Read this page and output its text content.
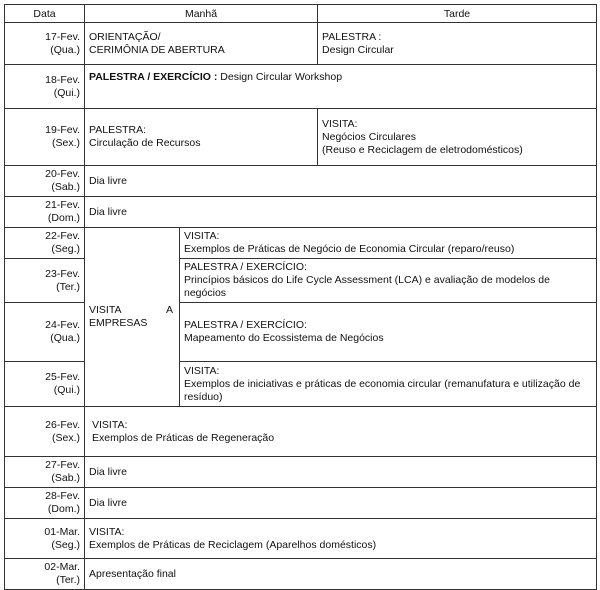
Data	Manhã		Tarde

17-Fev.
(Qua.)	ORIENTAÇÃO/
CERIMÔNIA DE ABERTURA		PALESTRA :
Design Circular

18-Fev.
(Qui.)	PALESTRA / EXERCÍCIO : Design Circular Workshop		

19-Fev.
(Sex.)	PALESTRA:
Circulação de Recursos		VISITA:
Negócios Circulares
(Reuso e Reciclagem de eletrodomésticos)

20-Fev.
(Sab.)	Dia livre		

21-Fev.
(Dom.)	Dia livre		

22-Fev.
(Seg.)	VISITA A
EMPRESAS	VISITA:
Exemplos de Práticas de Negócio de Economia Circular (reparo/reuso)	

23-Fev.
(Ter.)		PALESTRA / EXERCÍCIO:
Princípios básicos do Life Cycle Assessment (LCA) e avaliação de modelos de negócios	

24-Fev.
(Qua.)		PALESTRA / EXERCÍCIO:
Mapeamento do Ecossistema de Negócios	

25-Fev.
(Qui.)		VISITA:
Exemplos de iniciativas e práticas de economia circular (remanufatura e utilização de resíduo)	

26-Fev.
(Sex.)	VISITA:
Exemplos de Práticas de Regeneração		

27-Fev.
(Sab.)	Dia livre		

28-Fev.
(Dom.)	Dia livre		

01-Mar.
(Seg.)	VISITA:
Exemplos de Práticas de Reciclagem (Aparelhos domésticos)		

02-Mar.
(Ter.)	Apresentação final		
